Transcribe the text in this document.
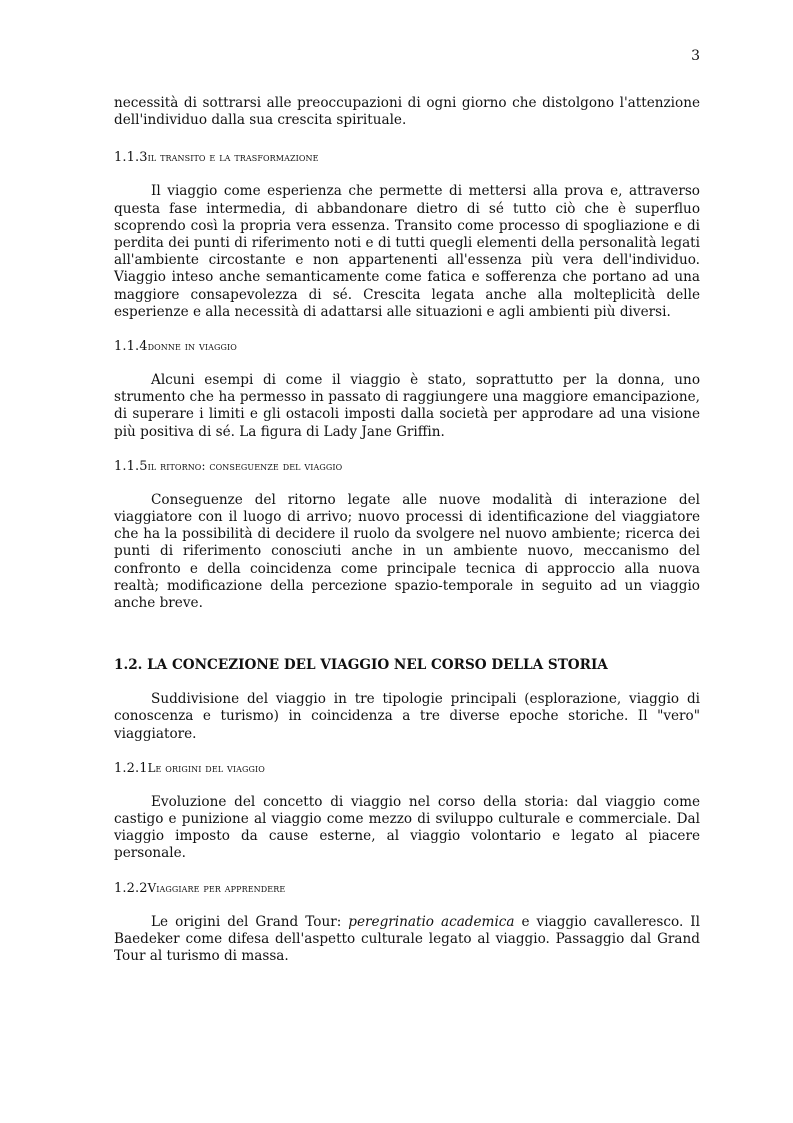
3

necessità di sottrarsi alle preoccupazioni di ogni giorno che distolgono l'attenzione dell'individuo dalla sua crescita spirituale.

1.1.3il transito e la trasformazione

Il viaggio come esperienza che permette di mettersi alla prova e, attraverso questa fase intermedia, di abbandonare dietro di sé tutto ciò che è superfluo scoprendo così la propria vera essenza. Transito come processo di spogliazione e di perdita dei punti di riferimento noti e di tutti quegli elementi della personalità legati all'ambiente circostante e non appartenenti all'essenza più vera dell'individuo. Viaggio inteso anche semanticamente come fatica e sofferenza che portano ad una maggiore consapevolezza di sé. Crescita legata anche alla molteplicità delle esperienze e alla necessità di adattarsi alle situazioni e agli ambienti più diversi.

1.1.4donne in viaggio

Alcuni esempi di come il viaggio è stato, soprattutto per la donna, uno strumento che ha permesso in passato di raggiungere una maggiore emancipazione, di superare i limiti e gli ostacoli imposti dalla società per approdare ad una visione più positiva di sé. La figura di Lady Jane Griffin.

1.1.5il ritorno: conseguenze del viaggio

Conseguenze del ritorno legate alle nuove modalità di interazione del viaggiatore con il luogo di arrivo; nuovo processi di identificazione del viaggiatore che ha la possibilità di decidere il ruolo da svolgere nel nuovo ambiente; ricerca dei punti di riferimento conosciuti anche in un ambiente nuovo, meccanismo del confronto e della coincidenza come principale tecnica di approccio alla nuova realtà; modificazione della percezione spazio-temporale in seguito ad un viaggio anche breve.

1.2. LA CONCEZIONE DEL VIAGGIO NEL CORSO DELLA STORIA

Suddivisione del viaggio in tre tipologie principali (esplorazione, viaggio di conoscenza e turismo) in coincidenza a tre diverse epoche storiche. Il "vero" viaggiatore.

1.2.1Le origini del viaggio

Evoluzione del concetto di viaggio nel corso della storia: dal viaggio come castigo e punizione al viaggio come mezzo di sviluppo culturale e commerciale. Dal viaggio imposto da cause esterne, al viaggio volontario e legato al piacere personale.

1.2.2Viaggiare per apprendere

Le origini del Grand Tour: peregrinatio academica e viaggio cavalleresco. Il Baedeker come difesa dell'aspetto culturale legato al viaggio. Passaggio dal Grand Tour al turismo di massa.
